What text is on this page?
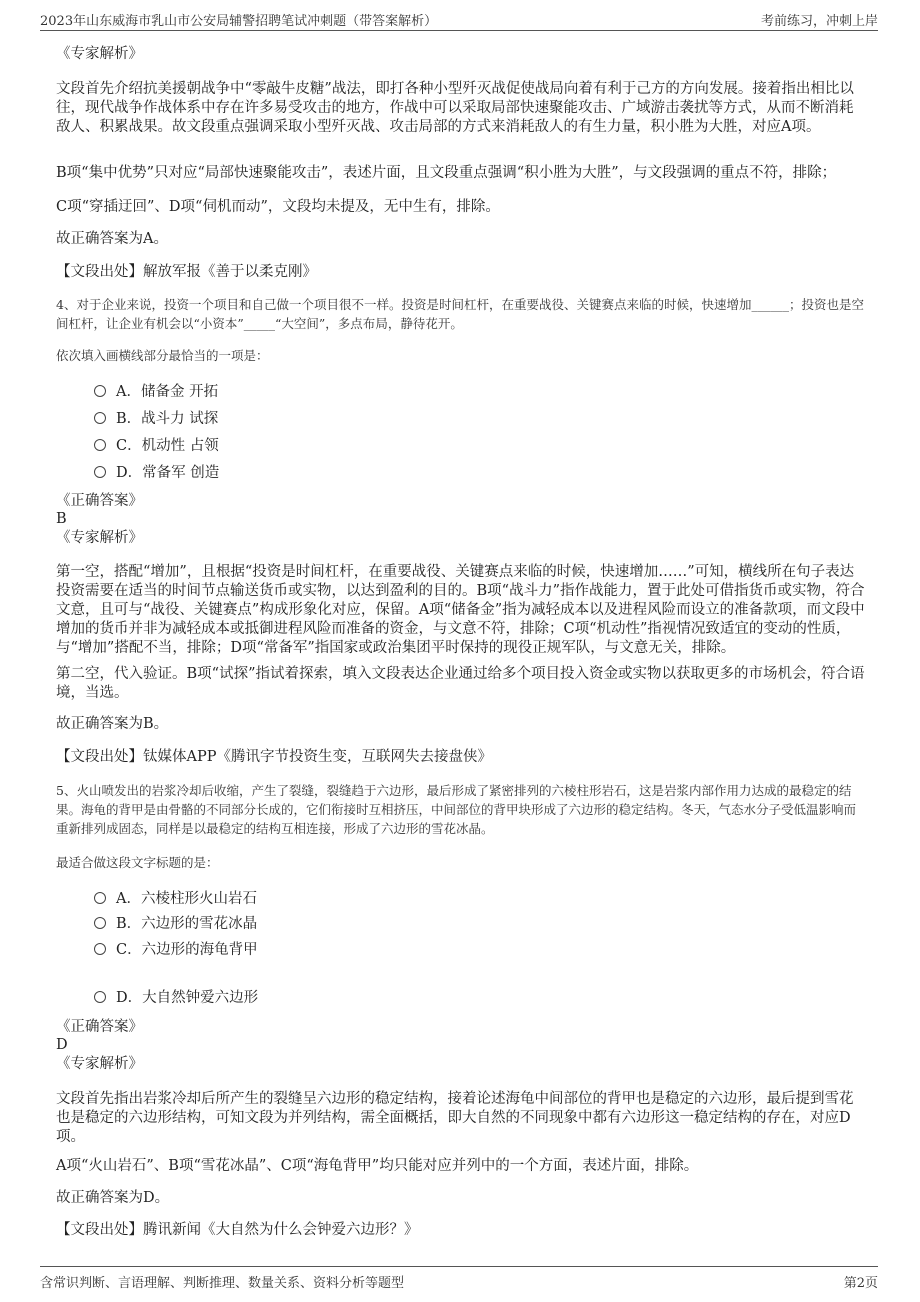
2023年山东威海市乳山市公安局辅警招聘笔试冲刺题（带答案解析）	考前练习，冲刺上岸
《专家解析》
文段首先介绍抗美援朝战争中“零敲牛皮糖”战法，即打各种小型歼灭战促使战局向着有利于己方的方向发展。接着指出相比以往，现代战争作战体系中存在许多易受攻击的地方，作战中可以采取局部快速聚能攻击、广域游击袭扰等方式，从而不断消耗敌人、积累战果。故文段重点强调采取小型歼灭战、攻击局部的方式来消耗敌人的有生力量，积小胜为大胜，对应A项。
B项“集中优势”只对应“局部快速聚能攻击”，表述片面，且文段重点强调“积小胜为大胜”，与文段强调的重点不符，排除；
C项“穿插迂回”、D项“伺机而动”，文段均未提及，无中生有，排除。
故正确答案为A。
【文段出处】解放军报《善于以柔克刚》
4、对于企业来说，投资一个项目和自己做一个项目很不一样。投资是时间杠杆，在重要战役、关键赛点来临的时候，快速增加______；投资也是空间杠杆，让企业有机会以“小资本”_____“大空间”，多点布局，静待花开。
依次填入画横线部分最恰当的一项是：
A．储备金 开拓
B．战斗力 试探
C．机动性 占领
D．常备军 创造
《正确答案》
B
《专家解析》
第一空，搭配“增加”，且根据“投资是时间杠杆，在重要战役、关键赛点来临的时候，快速增加……”可知，横线所在句子表达投资需要在适当的时间节点输送货币或实物，以达到盈利的目的。B项“战斗力”指作战能力，置于此处可借指货币或实物，符合文意，且可与“战役、关键赛点”构成形象化对应，保留。A项“储备金”指为减轻成本以及进程风险而设立的准备款项，而文段中增加的货币并非为减轻成本或抵御进程风险而准备的资金，与文意不符，排除；C项“机动性”指视情况致适宜的变动的性质，与“增加”搭配不当，排除；D项“常备军”指国家或政治集团平时保持的现役正规军队，与文意无关，排除。
第二空，代入验证。B项“试探”指试着探索，填入文段表达企业通过给多个项目投入资金或实物以获取更多的市场机会，符合语境，当选。
故正确答案为B。
【文段出处】钛媒体APP《腾讯字节投资生变，互联网失去接盘侠》
5、火山喷发出的岩浆冷却后收缩，产生了裂缝，裂缝趋于六边形，最后形成了紧密排列的六棱柱形岩石，这是岩浆内部作用力达成的最稳定的结果。海龟的背甲是由骨骼的不同部分长成的，它们衔接时互相挤压，中间部位的背甲块形成了六边形的稳定结构。冬天，气态水分子受低温影响而重新排列成固态，同样是以最稳定的结构互相连接，形成了六边形的雪花冰晶。
最适合做这段文字标题的是：
A．六棱柱形火山岩石
B．六边形的雪花冰晶
C．六边形的海龟背甲
D．大自然钟爱六边形
《正确答案》
D
《专家解析》
文段首先指出岩浆冷却后所产生的裂缝呈六边形的稳定结构，接着论述海龟中间部位的背甲也是稳定的六边形，最后提到雪花也是稳定的六边形结构，可知文段为并列结构，需全面概括，即大自然的不同现象中都有六边形这一稳定结构的存在，对应D项。
A项“火山岩石”、B项“雪花冰晶”、C项“海龟背甲”均只能对应并列中的一个方面，表述片面，排除。
故正确答案为D。
【文段出处】腾讯新闻《大自然为什么会钟爱六边形？》
含常识判断、言语理解、判断推理、数量关系、资料分析等题型	第2页
